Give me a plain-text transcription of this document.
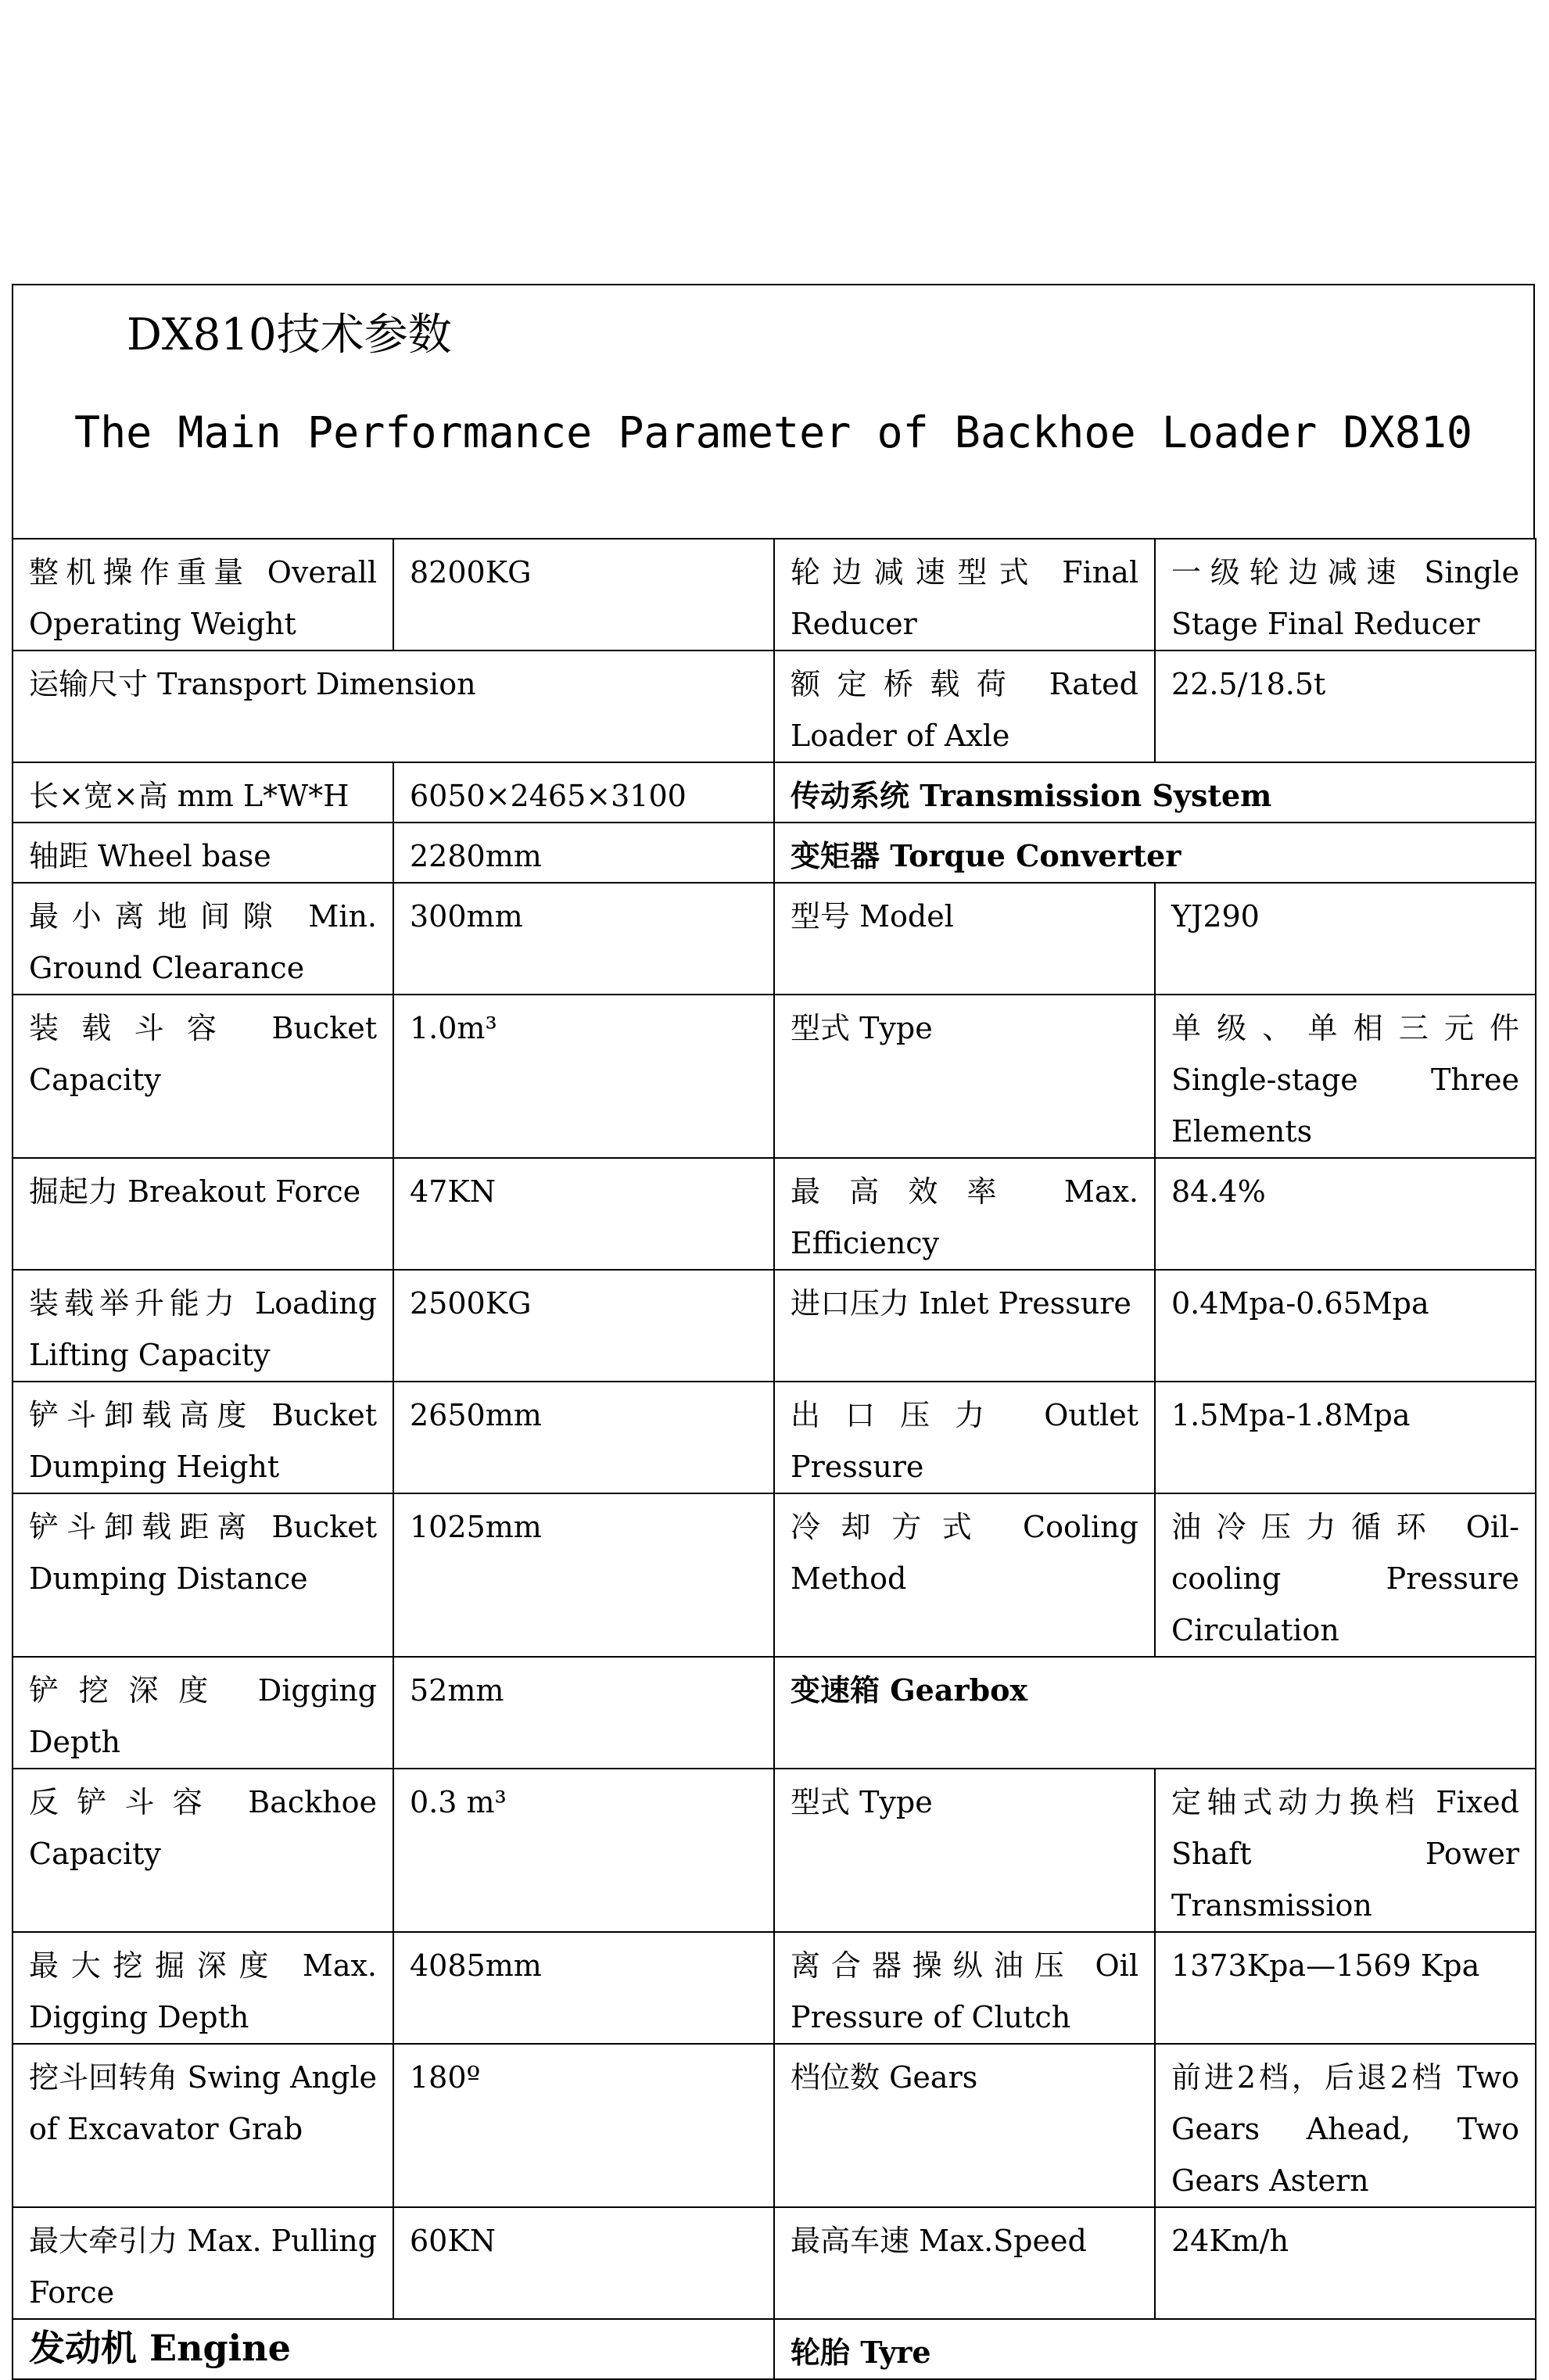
DX810技术参数
The Main Performance Parameter of Backhoe Loader DX810
整机操作重量 Overall Operating Weight	8200KG	轮边减速型式 Final Reducer	一级轮边减速 Single Stage Final Reducer
运输尺寸 Transport Dimension		额定桥载荷 Rated Loader of Axle	22.5/18.5t
长×宽×高 mm L*W*H	6050×2465×3100	传动系统 Transmission System	
轴距 Wheel base	2280mm	变矩器 Torque Converter	
最小离地间隙 Min. Ground Clearance	300mm	型号 Model	YJ290
装载斗容 Bucket Capacity	1.0m³	型式 Type	单级、单相三元件 Single-stage Three Elements
掘起力 Breakout Force	47KN	最高效率 Max. Efficiency	84.4%
装载举升能力 Loading Lifting Capacity	2500KG	进口压力 Inlet Pressure	0.4Mpa-0.65Mpa
铲斗卸载高度 Bucket Dumping Height	2650mm	出口压力 Outlet Pressure	1.5Mpa-1.8Mpa
铲斗卸载距离 Bucket Dumping Distance	1025mm	冷却方式 Cooling Method	油冷压力循环 Oil-cooling Pressure Circulation
铲挖深度 Digging Depth	52mm	变速箱 Gearbox	
反铲斗容 Backhoe Capacity	0.3 m³	型式 Type	定轴式动力换档 Fixed Shaft Power Transmission
最大挖掘深度 Max. Digging Depth	4085mm	离合器操纵油压 Oil Pressure of Clutch	1373Kpa—1569 Kpa
挖斗回转角 Swing Angle of Excavator Grab	180º	档位数 Gears	前进2档，后退2档 Two Gears Ahead, Two Gears Astern
最大牵引力 Max. Pulling Force	60KN	最高车速 Max.Speed	24Km/h
发动机 Engine		轮胎 Tyre	
